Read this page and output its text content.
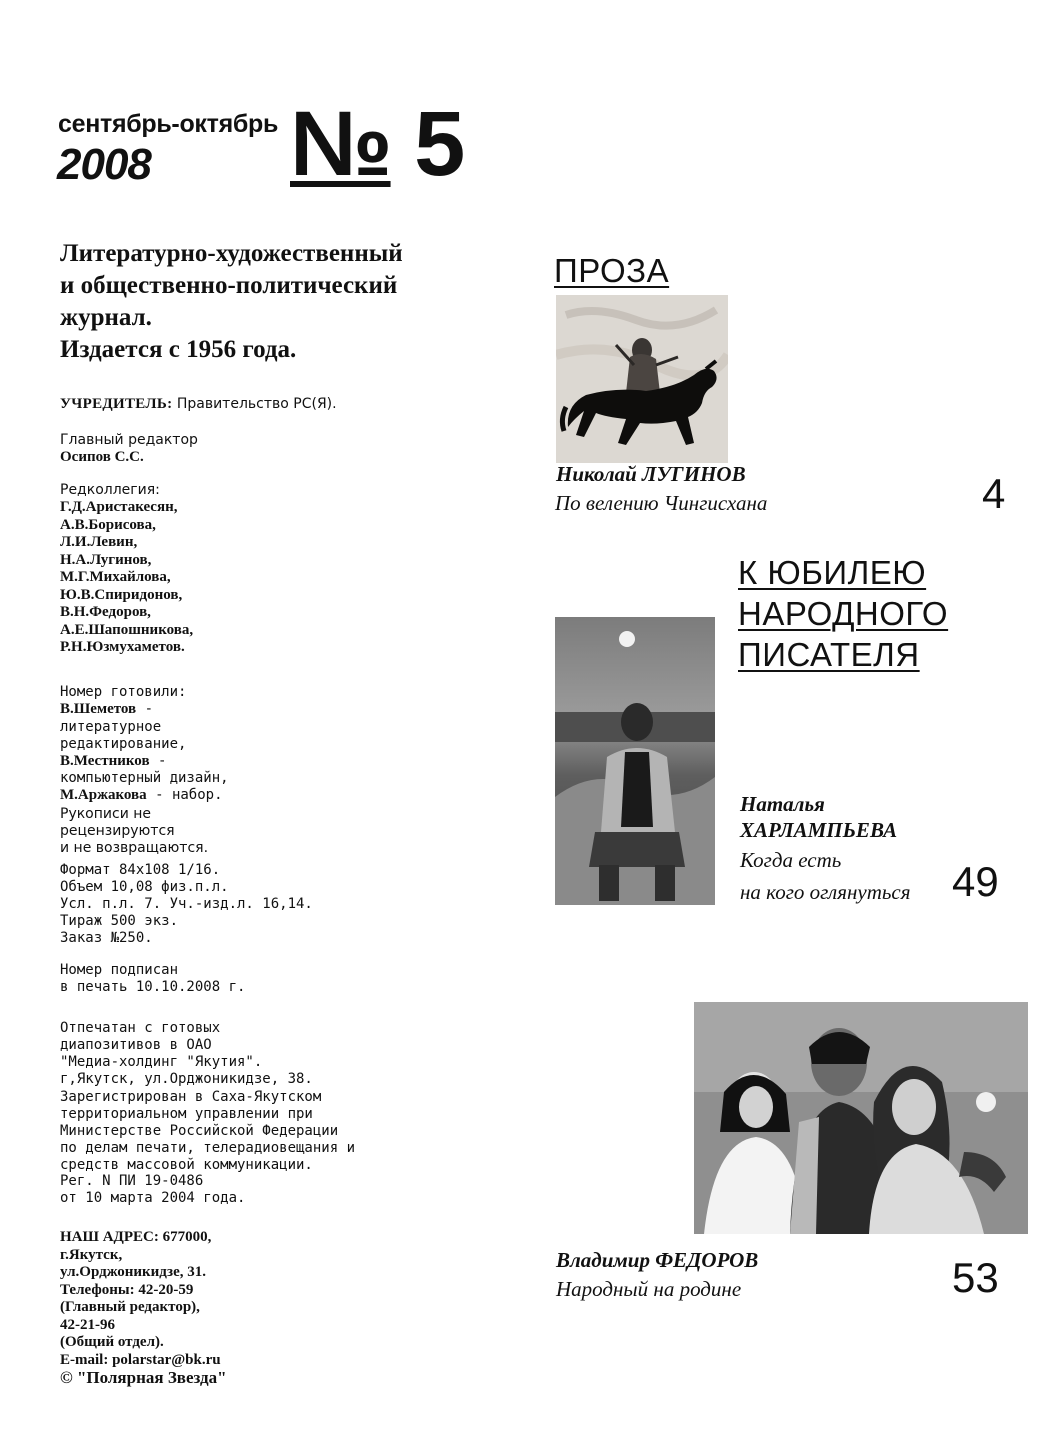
сентябрь-октябрь
2008 № 5
Литературно-художественный
и общественно-политический
журнал.
Издается с 1956 года.
УЧРЕДИТЕЛЬ: Правительство РС(Я).
Главный редактор
Осипов С.С.
Редколлегия:
Г.Д.Аристакесян,
А.В.Борисова,
Л.И.Левин,
Н.А.Лугинов,
М.Г.Михайлова,
Ю.В.Спиридонов,
В.Н.Федоров,
А.Е.Шапошникова,
Р.Н.Юзмухаметов.
Номер готовили:
В.Шеметов -
литературное
редактирование,
В.Местников -
компьютерный дизайн,
М.Аржакова - набор.
Рукописи не
рецензируются
и не возвращаются.
Формат 84x108 1/16.
Объем 10,08 физ.п.л.
Усл. п.л. 7. Уч.-изд.л. 16,14.
Тираж 500 экз.
Заказ №250.
Номер подписан
в печать 10.10.2008 г.
Отпечатан с готовых
диапозитивов в ОАО
"Медиа-холдинг "Якутия".
г,Якутск, ул.Орджоникидзе, 38.
Зарегистрирован в Саха-Якутском
территориальном управлении при
Министерстве Российской Федерации
по делам печати, телерадиовещания и
средств массовой коммуникации.
Рег. N ПИ 19-0486
от 10 марта 2004 года.
НАШ АДРЕС: 677000,
г.Якутск,
ул.Орджоникидзе, 31.
Телефоны: 42-20-59
(Главный редактор),
42-21-96
(Общий отдел).
E-mail: polarstar@bk.ru
© "Полярная Звезда"
ПРОЗА
Николай ЛУГИНОВ
По велению Чингисхана	4
К ЮБИЛЕЮ
НАРОДНОГО
ПИСАТЕЛЯ
Наталья
ХАРЛАМПЬЕВА
Когда есть
на кого оглянуться 49
Владимир ФЕДОРОВ
Народный на родине	53
